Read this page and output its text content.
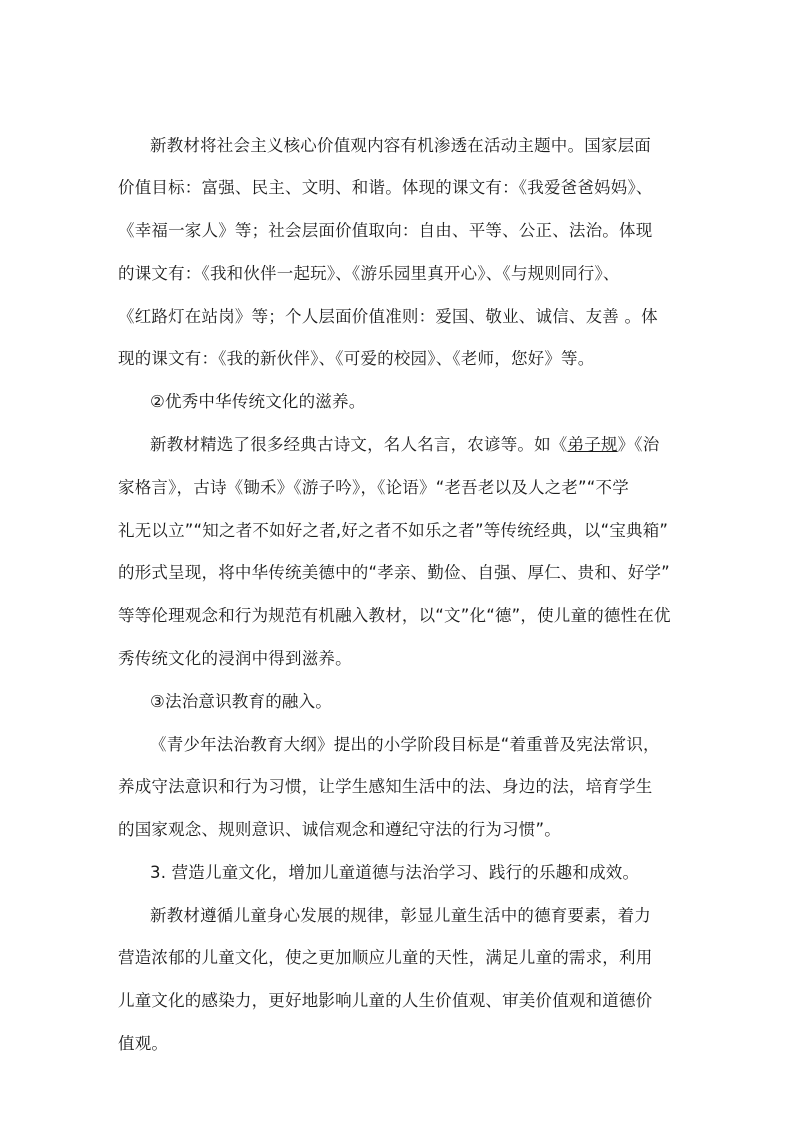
新教材将社会主义核心价值观内容有机渗透在活动主题中。国家层面
价值目标：富强、民主、文明、和谐。体现的课文有：《我爱爸爸妈妈》、
《幸福一家人》等；社会层面价值取向：自由、平等、公正、法治。体现
的课文有：《我和伙伴一起玩》、《游乐园里真开心》、《与规则同行》、
《红路灯在站岗》等；个人层面价值准则：爱国、敬业、诚信、友善 。体
现的课文有：《我的新伙伴》、《可爱的校园》、《老师，您好》等。
②优秀中华传统文化的滋养。
新教材精选了很多经典古诗文，名人名言，农谚等。如《弟子规》《治
家格言》，古诗《锄禾》《游子吟》，《论语》“老吾老以及人之老”“不学
礼无以立”“知之者不如好之者,好之者不如乐之者”等传统经典，以“宝典箱”
的形式呈现，将中华传统美德中的“孝亲、勤俭、自强、厚仁、贵和、好学”
等等伦理观念和行为规范有机融入教材，以“文”化“德”，使儿童的德性在优
秀传统文化的浸润中得到滋养。
③法治意识教育的融入。
《青少年法治教育大纲》提出的小学阶段目标是“着重普及宪法常识，
养成守法意识和行为习惯，让学生感知生活中的法、身边的法，培育学生
的国家观念、规则意识、诚信观念和遵纪守法的行为习惯”。
3. 营造儿童文化，增加儿童道德与法治学习、践行的乐趣和成效。
新教材遵循儿童身心发展的规律，彰显儿童生活中的德育要素，着力
营造浓郁的儿童文化，使之更加顺应儿童的天性，满足儿童的需求，利用
儿童文化的感染力，更好地影响儿童的人生价值观、审美价值观和道德价
值观。
